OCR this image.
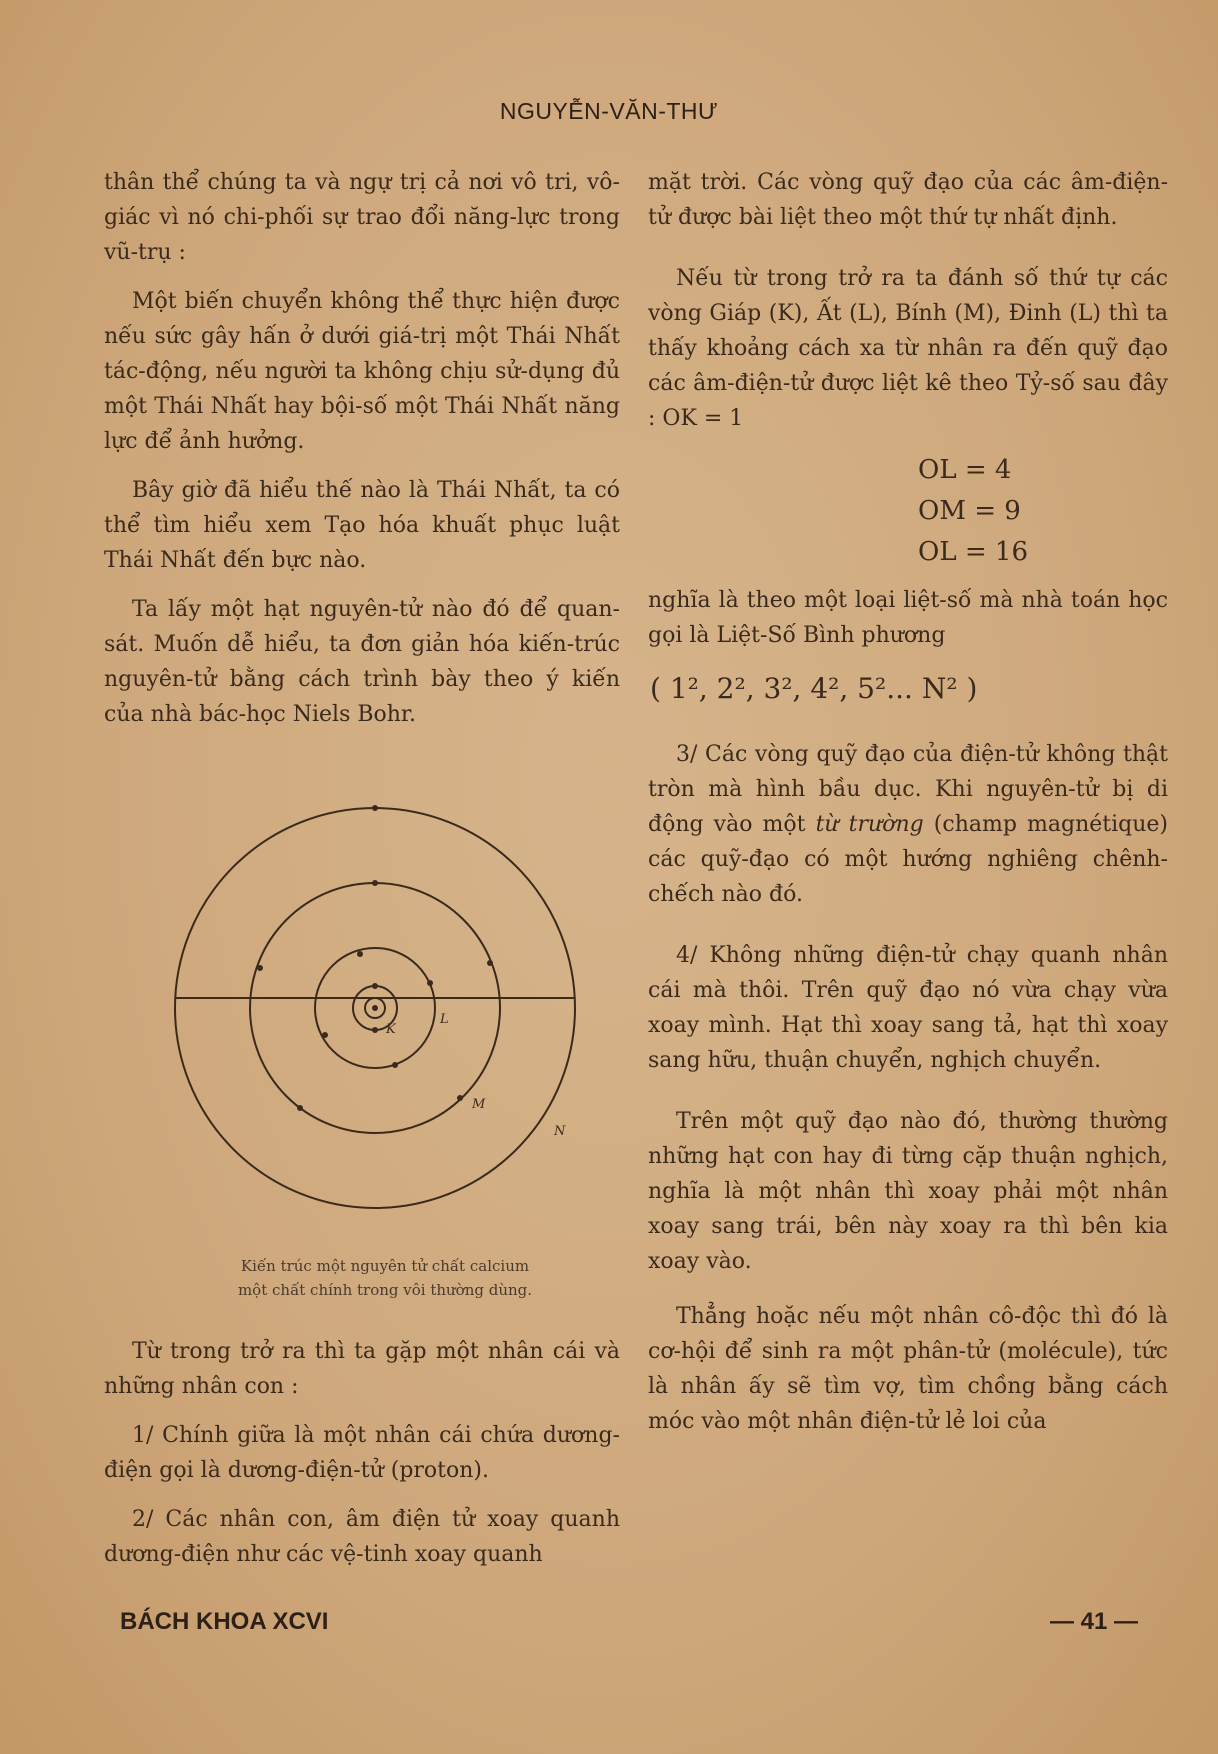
NGUYỄN-VĂN-THƯ

thân thể chúng ta và ngự trị cả nơi vô tri, vô-giác vì nó chi-phối sự trao đổi năng-lực trong vũ-trụ :

Một biến chuyển không thể thực hiện được nếu sức gây hấn ở dưới giá-trị một Thái Nhất tác-động, nếu người ta không chịu sử-dụng đủ một Thái Nhất hay bội-số một Thái Nhất năng lực để ảnh hưởng.

Bây giờ đã hiểu thế nào là Thái Nhất, ta có thể tìm hiểu xem Tạo hóa khuất phục luật Thái Nhất đến bực nào.

Ta lấy một hạt nguyên-tử nào đó để quan-sát. Muốn dễ hiểu, ta đơn giản hóa kiến-trúc nguyên-tử bằng cách trình bày theo ý kiến của nhà bác-học Niels Bohr.

K
L
M
N
Kiến trúc một nguyên tử chất calcium
một chất chính trong vôi thường dùng.

Từ trong trở ra thì ta gặp một nhân cái và những nhân con :

1/ Chính giữa là một nhân cái chứa dương-điện gọi là dương-điện-tử (proton).

2/ Các nhân con, âm điện tử xoay quanh dương-điện như các vệ-tinh xoay quanh

mặt trời. Các vòng quỹ đạo của các âm-điện-tử được bài liệt theo một thứ tự nhất định.

Nếu từ trong trở ra ta đánh số thứ tự các vòng Giáp (K), Ất (L), Bính (M), Đinh (L) thì ta thấy khoảng cách xa từ nhân ra đến quỹ đạo các âm-điện-tử được liệt kê theo Tỷ-số sau đây : OK = 1

OL = 4
OM = 9
OL = 16

nghĩa là theo một loại liệt-số mà nhà toán học gọi là Liệt-Số Bình phương

( 1², 2², 3², 4², 5²... N² )

3/ Các vòng quỹ đạo của điện-tử không thật tròn mà hình bầu dục. Khi nguyên-tử bị di động vào một từ trường (champ magnétique) các quỹ-đạo có một hướng nghiêng chênh-chếch nào đó.

4/ Không những điện-tử chạy quanh nhân cái mà thôi. Trên quỹ đạo nó vừa chạy vừa xoay mình. Hạt thì xoay sang tả, hạt thì xoay sang hữu, thuận chuyển, nghịch chuyển.

Trên một quỹ đạo nào đó, thường thường những hạt con hay đi từng cặp thuận nghịch, nghĩa là một nhân thì xoay phải một nhân xoay sang trái, bên này xoay ra thì bên kia xoay vào.

Thẳng hoặc nếu một nhân cô-độc thì đó là cơ-hội để sinh ra một phân-tử (molécule), tức là nhân ấy sẽ tìm vợ, tìm chồng bằng cách móc vào một nhân điện-tử lẻ loi của

BÁCH KHOA XCVI	— 41 —
